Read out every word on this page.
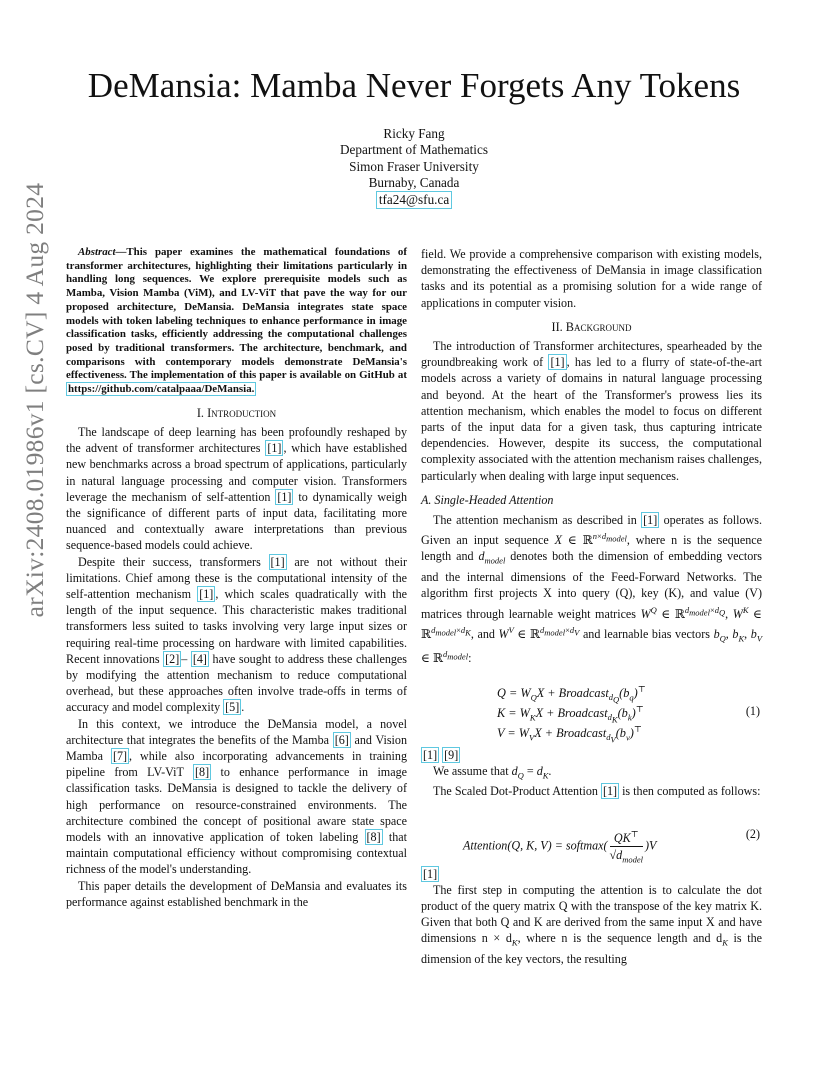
arXiv:2408.01986v1 [cs.CV] 4 Aug 2024
DeMansia: Mamba Never Forgets Any Tokens
Ricky Fang
Department of Mathematics
Simon Fraser University
Burnaby, Canada
tfa24@sfu.ca

Abstract—This paper examines the mathematical foundations of transformer architectures, highlighting their limitations particularly in handling long sequences. We explore prerequisite models such as Mamba, Vision Mamba (ViM), and LV-ViT that pave the way for our proposed architecture, DeMansia. DeMansia integrates state space models with token labeling techniques to enhance performance in image classification tasks, efficiently addressing the computational challenges posed by traditional transformers. The architecture, benchmark, and comparisons with contemporary models demonstrate DeMansia's effectiveness. The implementation of this paper is available on GitHub at https://github.com/catalpaaa/DeMansia.

I. Introduction

The landscape of deep learning has been profoundly reshaped by the advent of transformer architectures [1] , which have established new benchmarks across a broad spectrum of applications, particularly in natural language processing and computer vision. Transformers leverage the mechanism of self-attention [1] to dynamically weigh the significance of different parts of input data, facilitating more nuanced and contextually aware interpretations than previous sequence-based models could achieve.

Despite their success, transformers [1] are not without their limitations. Chief among these is the computational intensity of the self-attention mechanism [1] , which scales quadratically with the length of the input sequence. This characteristic makes traditional transformers less suited to tasks involving very large input sizes or requiring real-time processing on hardware with limited capabilities. Recent innovations [2] – [4] have sought to address these challenges by modifying the attention mechanism to reduce computational overhead, but these approaches often involve trade-offs in terms of accuracy and model complexity [5] .

In this context, we introduce the DeMansia model, a novel architecture that integrates the benefits of the Mamba [6] and Vision Mamba [7] , while also incorporating advancements in training pipeline from LV-ViT [8] to enhance performance in image classification tasks. DeMansia is designed to tackle the delivery of high performance on resource-constrained environments. The architecture combined the concept of positional aware state space models with an innovative application of token labeling [8] that maintain computational efficiency without compromising contextual richness of the model's understanding.

This paper details the development of DeMansia and evaluates its performance against established benchmark in the

field. We provide a comprehensive comparison with existing models, demonstrating the effectiveness of DeMansia in image classification tasks and its potential as a promising solution for a wide range of applications in computer vision.

II. Background

The introduction of Transformer architectures, spearheaded by the groundbreaking work of [1] , has led to a flurry of state-of-the-art models across a variety of domains in natural language processing and beyond. At the heart of the Transformer's prowess lies its attention mechanism, which enables the model to focus on different parts of the input data for a given task, thus capturing intricate dependencies. However, despite its success, the computational complexity associated with the attention mechanism raises challenges, particularly when dealing with large input sequences.

A. Single-Headed Attention

The attention mechanism as described in [1] operates as follows. Given an input sequence X ∈ ℝ$^{n\times d_{model}}$, where n is the sequence length and $d_{model}$ denotes both the dimension of embedding vectors and the internal dimensions of the Feed-Forward Networks. The algorithm first projects X into query (Q), key (K), and value (V) matrices through learnable weight matrices $W^Q$ ∈ ℝ$^{d_{model}\times d_Q}$, $W^K$ ∈ ℝ$^{d_{model}\times d_K}$, and $W^V$ ∈ ℝ$^{d_{model}\times d_V}$ and learnable bias vectors $b_Q$, $b_K$, $b_V$ ∈ ℝ$^{d_{model}}$:

$Q = W_QX$ + $Broadcast_{d_Q}(b_q)^⊤$
$K = W_KX$ + $Broadcast_{d_K}(b_k)^⊤$
$V = W_VX$ + $Broadcast_{d_V}(b_v)^⊤$
(1)

[1] [9]

We assume that $d_Q = d_K$.

The Scaled Dot-Product Attention [1] is then computed as follows:

Attention(Q, K, V) = softmax( $\frac{QK^⊤}{√d_{model}} )V$
(2)

[1]

The first step in computing the attention is to calculate the dot product of the query matrix Q with the transpose of the key matrix K. Given that both Q and K are derived from the same input X and have dimensions $n \times d_K$, where n is the sequence length and $d_K$ is the dimension of the key vectors, the resulting
